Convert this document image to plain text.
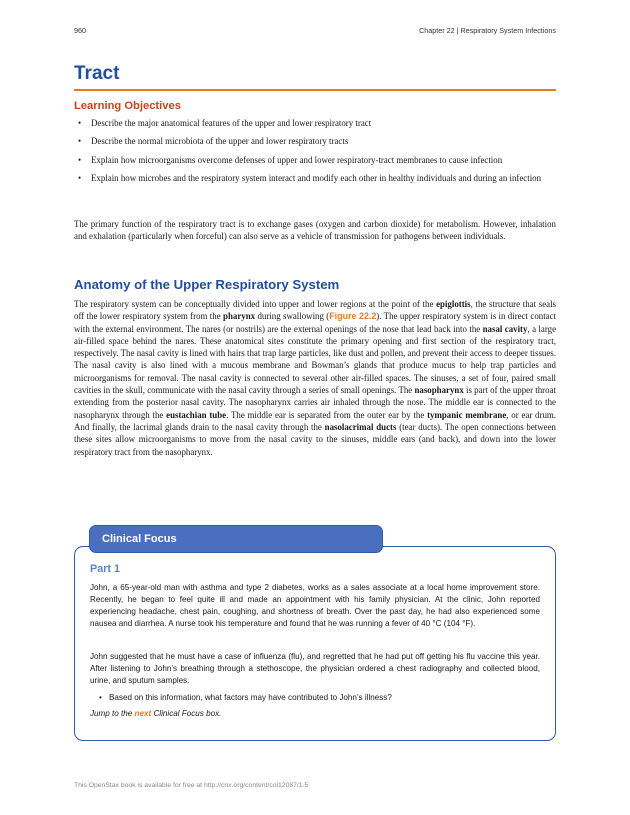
960	Chapter 22 | Respiratory System Infections
Tract
Learning Objectives
• Describe the major anatomical features of the upper and lower respiratory tract
• Describe the normal microbiota of the upper and lower respiratory tracts
• Explain how microorganisms overcome defenses of upper and lower respiratory-tract membranes to cause infection
• Explain how microbes and the respiratory system interact and modify each other in healthy individuals and during an infection

The primary function of the respiratory tract is to exchange gases (oxygen and carbon dioxide) for metabolism. However, inhalation and exhalation (particularly when forceful) can also serve as a vehicle of transmission for pathogens between individuals.

Anatomy of the Upper Respiratory System

The respiratory system can be conceptually divided into upper and lower regions at the point of the epiglottis, the structure that seals off the lower respiratory system from the pharynx during swallowing (Figure 22.2). The upper respiratory system is in direct contact with the external environment. The nares (or nostrils) are the external openings of the nose that lead back into the nasal cavity, a large air-filled space behind the nares. These anatomical sites constitute the primary opening and first section of the respiratory tract, respectively. The nasal cavity is lined with hairs that trap large particles, like dust and pollen, and prevent their access to deeper tissues. The nasal cavity is also lined with a mucous membrane and Bowman’s glands that produce mucus to help trap particles and microorganisms for removal. The nasal cavity is connected to several other air-filled spaces. The sinuses, a set of four, paired small cavities in the skull, communicate with the nasal cavity through a series of small openings. The nasopharynx is part of the upper throat extending from the posterior nasal cavity. The nasopharynx carries air inhaled through the nose. The middle ear is connected to the nasopharynx through the eustachian tube. The middle ear is separated from the outer ear by the tympanic membrane, or ear drum. And finally, the lacrimal glands drain to the nasal cavity through the nasolacrimal ducts (tear ducts). The open connections between these sites allow microorganisms to move from the nasal cavity to the sinuses, middle ears (and back), and down into the lower respiratory tract from the nasopharynx.

Clinical Focus
Part 1

John, a 65-year-old man with asthma and type 2 diabetes, works as a sales associate at a local home improvement store. Recently, he began to feel quite ill and made an appointment with his family physician. At the clinic, John reported experiencing headache, chest pain, coughing, and shortness of breath. Over the past day, he had also experienced some nausea and diarrhea. A nurse took his temperature and found that he was running a fever of 40 °C (104 °F).

John suggested that he must have a case of influenza (flu), and regretted that he had put off getting his flu vaccine this year. After listening to John’s breathing through a stethoscope, the physician ordered a chest radiography and collected blood, urine, and sputum samples.

• Based on this information, what factors may have contributed to John’s illness?
Jump to the next Clinical Focus box.
This OpenStax book is available for free at http://cnx.org/content/col12087/1.5
